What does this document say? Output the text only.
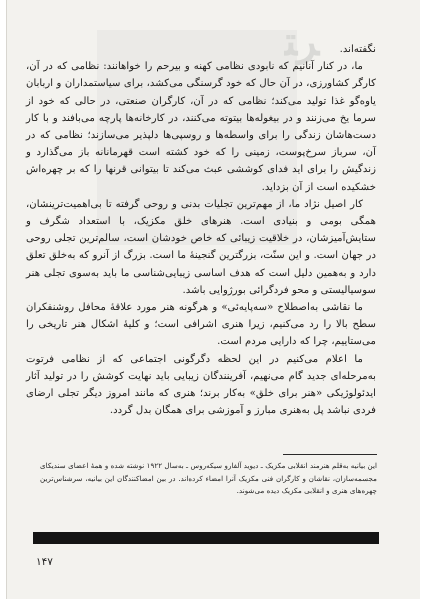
ﺮﺘ	نگفته‌اند.

ما، در کنار آنانیم که نابودی نظامی کهنه و بیرحم را خواهانند: نظامی که در آن، کارگر کشاورزی، در آن حال که خود گرسنگی می‌کشد، برای سیاستمداران و اربابان یاوه‌گو غذا تولید می‌کند؛ نظامی که در آن، کارگران صنعتی، در حالی که خود از سرما یخ می‌زنند و در بیغوله‌ها بیتوته می‌کنند، در کارخانه‌ها پارچه می‌بافند و با کار دست‌هاشان زندگی را برای واسطه‌ها و روسپی‌ها دلپذیر می‌سازند؛ نظامی که در آن، سرباز سرخ‌پوست، زمینی را که خود کشته است قهرمانانه باز می‌گذارد و زندگیش را برای اید فدای کوششی عبث می‌کند تا بیتوانی قرنها را که بر چهره‌اش خشکیده است از آن بزداید.

کار اصیل نژاد ما، از مهم‌ترین تجلیات بدنی و روحی گرفته تا بی‌اهمیت‌ترینشان، همگی بومی و بنیادی است. هنرهای خلق مکزیک، با استعداد شگرف و ستایش‌آمیزشان، در خلاقیت زیبائی که خاص خودشان است، سالم‌ترین تجلی روحی در جهان است. و این سنّت، بزرگترین گنجینۀ ما است. بزرگ از آنرو که به‌خلق تعلق دارد و به‌همین دلیل است که هدف اساسی زیبایی‌شناسی ما باید به‌سوی تجلی هنر سوسیالیستی و محو فردگرائی بورژوایی باشد.

ما نقاشی به‌اصطلاح «سه‌پایه‌ئی» و هرگونه هنر مورد علاقۀ محافل روشنفکران سطح بالا را رد می‌کنیم، زیرا هنری اشرافی است؛ و کلیۀ اشکال هنر تاریخی را می‌ستاییم، چرا که دارایی مردم است.

ما اعلام می‌کنیم در این لحظه دگرگونی اجتماعی که از نظامی فرتوت به‌مرحله‌ای جدید گام می‌نهیم، آفرینندگان زیبایی باید نهایت کوشش را در تولید آثار ایدئولوژیکی «هنر برای خلق» به‌کار برند؛ هنری که مانند امروز دیگر تجلی ارضای فردی نباشد پل به‌هنری مبارز و آموزشی برای همگان بدل گردد.

این بیانیه به‌قلم هنرمند انقلابی مکزیک ـ دیوید آلفارو سیکه‌روس ـ به‌سال ۱۹۲۲ نوشته شده و همۀ اعضای سندیکای مجسمه‌سازان، نقاشان و کارگران فنی مکزیک آنرا امضاء کرده‌اند. در بین امضاکنندگان این بیانیه، سرشناس‌ترین چهره‌های هنری و انقلابی مکزیک دیده می‌شوند.
۱۴۷
